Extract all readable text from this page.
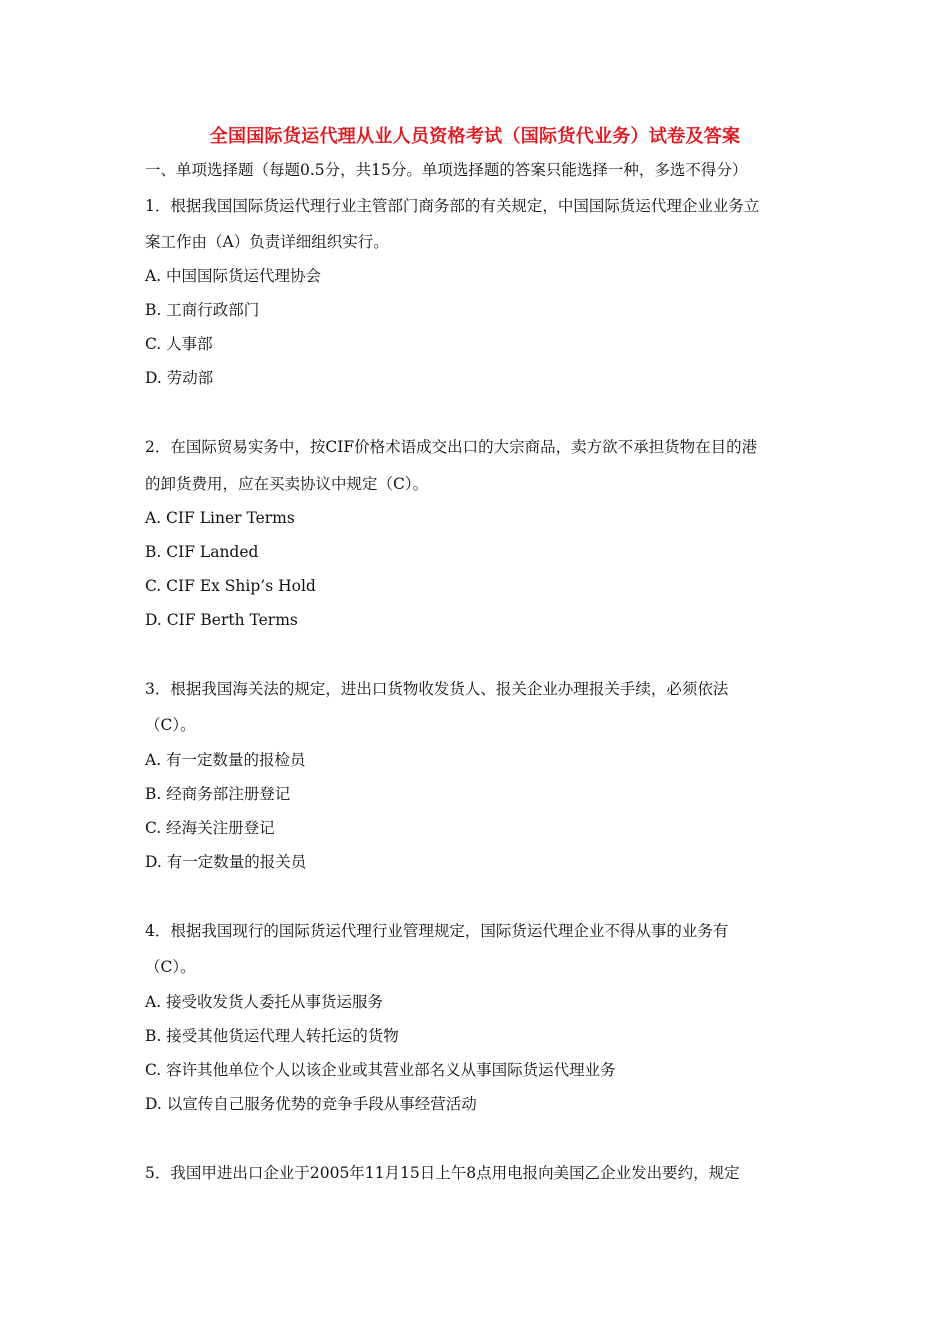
全国国际货运代理从业人员资格考试（国际货代业务）试卷及答案
一、单项选择题（每题0.5分，共15分。单项选择题的答案只能选择一种，多选不得分）
1．根据我国国际货运代理行业主管部门商务部的有关规定，中国国际货运代理企业业务立
案工作由（A）负责详细组织实行。
A. 中国国际货运代理协会
B. 工商行政部门
C. 人事部
D. 劳动部
2．在国际贸易实务中，按CIF价格术语成交出口的大宗商品，卖方欲不承担货物在目的港
的卸货费用，应在买卖协议中规定（C）。
A. CIF Liner Terms
B. CIF Landed
C. CIF Ex Ship’s Hold
D. CIF Berth Terms
3．根据我国海关法的规定，进出口货物收发货人、报关企业办理报关手续，必须依法
（C）。
A. 有一定数量的报检员
B. 经商务部注册登记
C. 经海关注册登记
D. 有一定数量的报关员
4．根据我国现行的国际货运代理行业管理规定，国际货运代理企业不得从事的业务有
（C）。
A. 接受收发货人委托从事货运服务
B. 接受其他货运代理人转托运的货物
C. 容许其他单位个人以该企业或其营业部名义从事国际货运代理业务
D. 以宣传自己服务优势的竞争手段从事经营活动
5．我国甲进出口企业于2005年11月15日上午8点用电报向美国乙企业发出要约，规定
